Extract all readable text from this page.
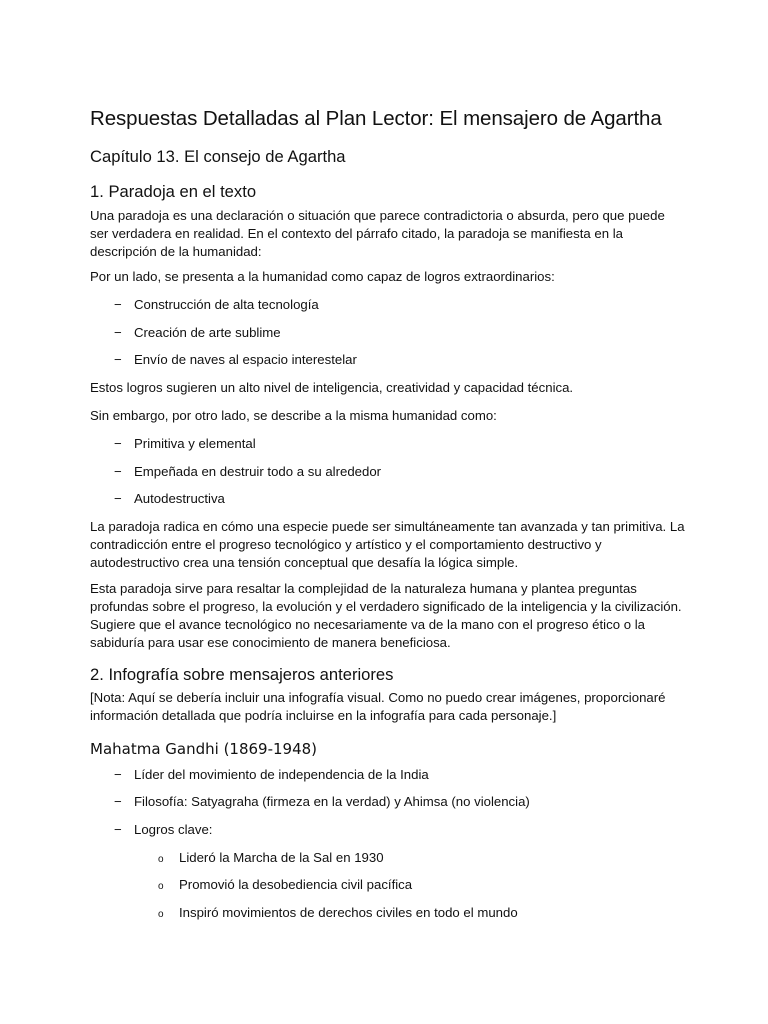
Respuestas Detalladas al Plan Lector: El mensajero de Agartha
Capítulo 13. El consejo de Agartha
1. Paradoja en el texto

Una paradoja es una declaración o situación que parece contradictoria o absurda, pero que puede ser verdadera en realidad. En el contexto del párrafo citado, la paradoja se manifiesta en la descripción de la humanidad:

Por un lado, se presenta a la humanidad como capaz de logros extraordinarios:

− Construcción de alta tecnología
− Creación de arte sublime
− Envío de naves al espacio interestelar

Estos logros sugieren un alto nivel de inteligencia, creatividad y capacidad técnica.

Sin embargo, por otro lado, se describe a la misma humanidad como:

− Primitiva y elemental
− Empeñada en destruir todo a su alrededor
− Autodestructiva

La paradoja radica en cómo una especie puede ser simultáneamente tan avanzada y tan primitiva. La contradicción entre el progreso tecnológico y artístico y el comportamiento destructivo y autodestructivo crea una tensión conceptual que desafía la lógica simple.

Esta paradoja sirve para resaltar la complejidad de la naturaleza humana y plantea preguntas profundas sobre el progreso, la evolución y el verdadero significado de la inteligencia y la civilización. Sugiere que el avance tecnológico no necesariamente va de la mano con el progreso ético o la sabiduría para usar ese conocimiento de manera beneficiosa.

2. Infografía sobre mensajeros anteriores

[Nota: Aquí se debería incluir una infografía visual. Como no puedo crear imágenes, proporcionaré información detallada que podría incluirse en la infografía para cada personaje.]

Mahatma Gandhi (1869-1948)
− Líder del movimiento de independencia de la India
− Filosofía: Satyagraha (firmeza en la verdad) y Ahimsa (no violencia)
− Logros clave:
o Lideró la Marcha de la Sal en 1930
o Promovió la desobediencia civil pacífica
o Inspiró movimientos de derechos civiles en todo el mundo
